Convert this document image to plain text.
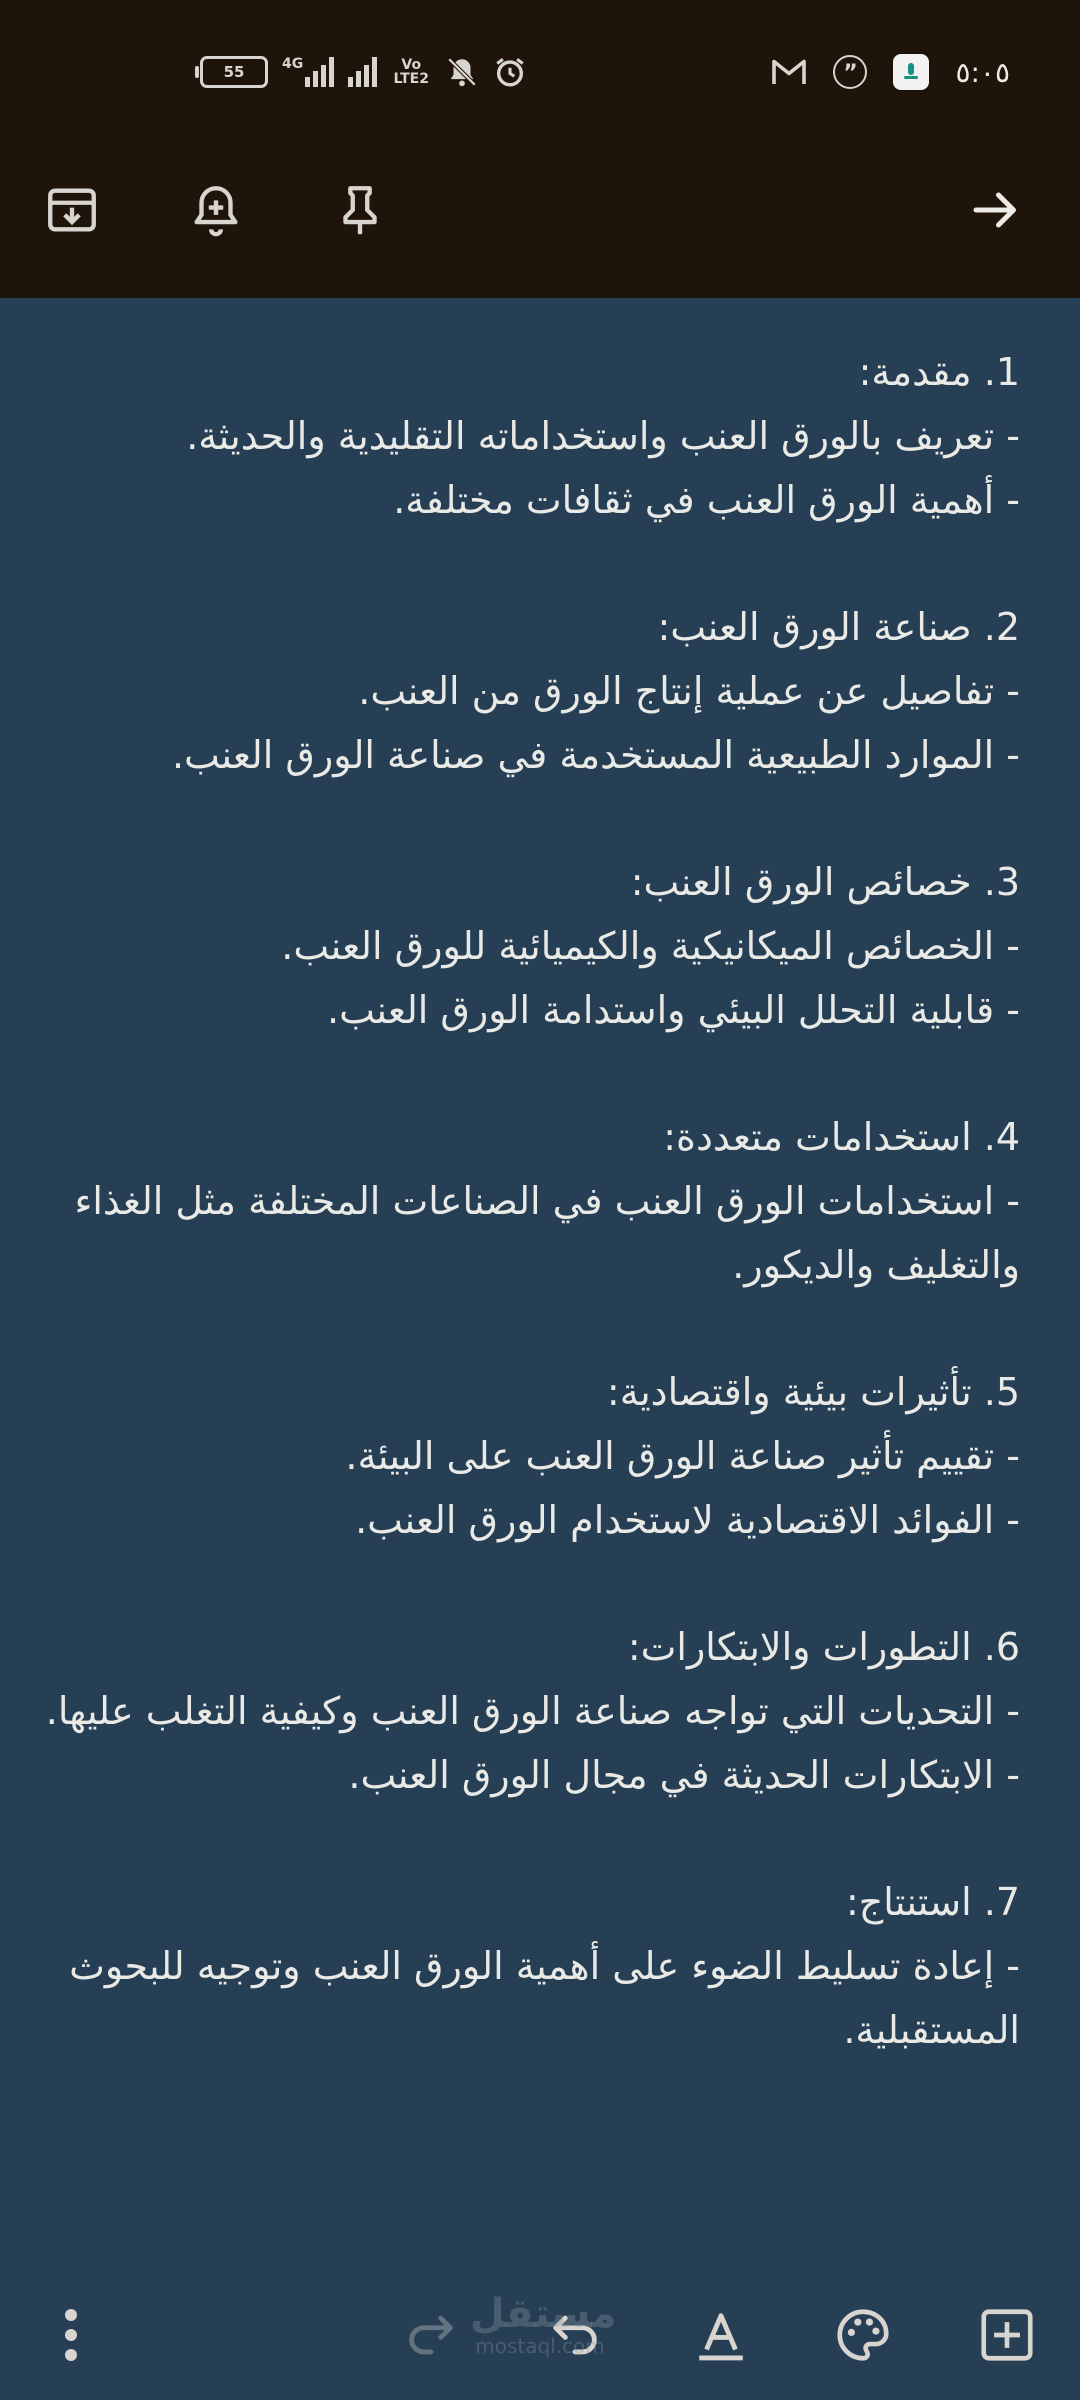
55	4G	Vo LTE2	”	٥:٠٥

1. مقدمة:

- تعريف بالورق العنب واستخداماته التقليدية والحديثة.

- أهمية الورق العنب في ثقافات مختلفة.

2. صناعة الورق العنب:

- تفاصيل عن عملية إنتاج الورق من العنب.

- الموارد الطبيعية المستخدمة في صناعة الورق العنب.

3. خصائص الورق العنب:

- الخصائص الميكانيكية والكيميائية للورق العنب.

- قابلية التحلل البيئي واستدامة الورق العنب.

4. استخدامات متعددة:

- استخدامات الورق العنب في الصناعات المختلفة مثل الغذاء والتغليف والديكور.

5. تأثيرات بيئية واقتصادية:

- تقييم تأثير صناعة الورق العنب على البيئة.

- الفوائد الاقتصادية لاستخدام الورق العنب.

6. التطورات والابتكارات:

- التحديات التي تواجه صناعة الورق العنب وكيفية التغلب عليها.

- الابتكارات الحديثة في مجال الورق العنب.

7. استنتاج:

- إعادة تسليط الضوء على أهمية الورق العنب وتوجيه للبحوث المستقبلية.

مستقل
mostaql.com
